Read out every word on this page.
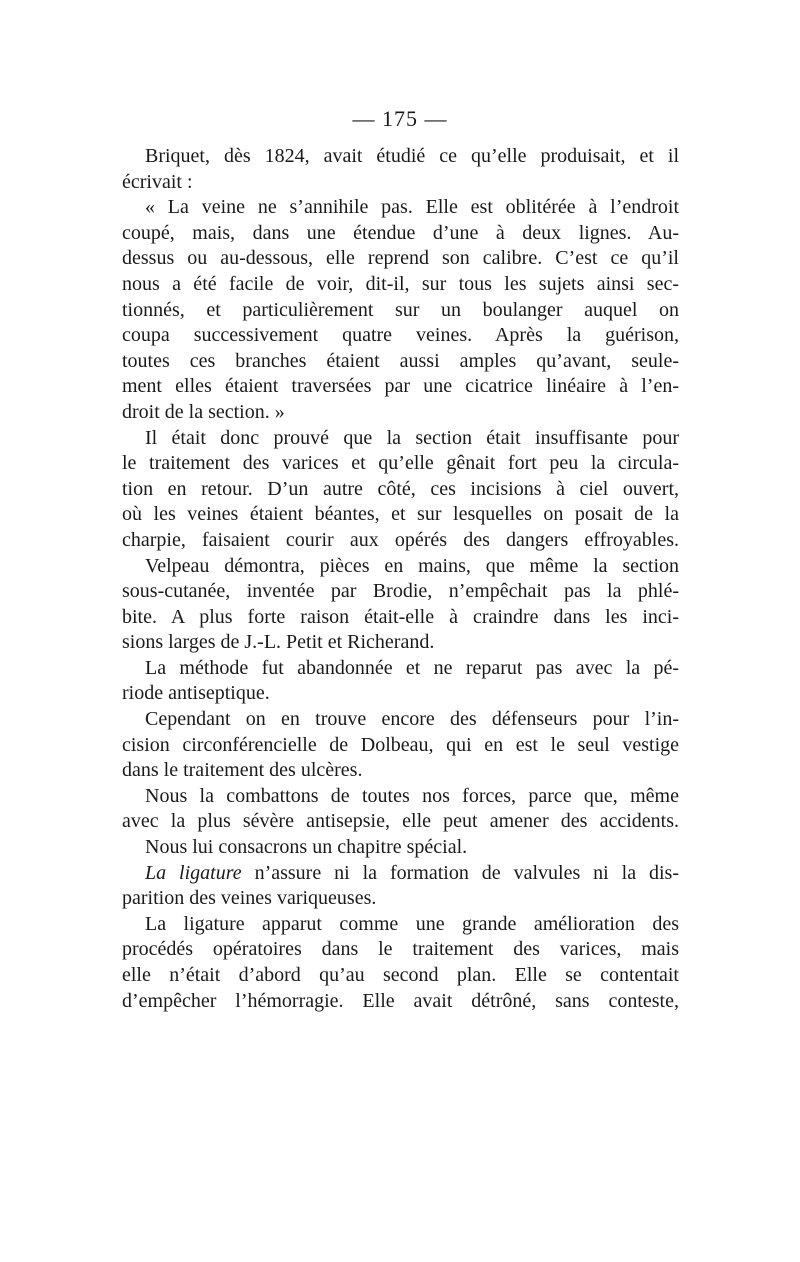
— 175 —
Briquet, dès 1824, avait étudié ce qu’elle produisait, et il
écrivait :
« La veine ne s’annihile pas. Elle est oblitérée à l’endroit
coupé, mais, dans une étendue d’une à deux lignes. Au-
dessus ou au-dessous, elle reprend son calibre. C’est ce qu’il
nous a été facile de voir, dit-il, sur tous les sujets ainsi sec-
tionnés, et particulièrement sur un boulanger auquel on
coupa successivement quatre veines. Après la guérison,
toutes ces branches étaient aussi amples qu’avant, seule-
ment elles étaient traversées par une cicatrice linéaire à l’en-
droit de la section. »
Il était donc prouvé que la section était insuffisante pour
le traitement des varices et qu’elle gênait fort peu la circula-
tion en retour. D’un autre côté, ces incisions à ciel ouvert,
où les veines étaient béantes, et sur lesquelles on posait de la
charpie, faisaient courir aux opérés des dangers effroyables.
Velpeau démontra, pièces en mains, que même la section
sous-cutanée, inventée par Brodie, n’empêchait pas la phlé-
bite. A plus forte raison était-elle à craindre dans les inci-
sions larges de J.-L. Petit et Richerand.
La méthode fut abandonnée et ne reparut pas avec la pé-
riode antiseptique.
Cependant on en trouve encore des défenseurs pour l’in-
cision circonférencielle de Dolbeau, qui en est le seul vestige
dans le traitement des ulcères.
Nous la combattons de toutes nos forces, parce que, même
avec la plus sévère antisepsie, elle peut amener des accidents.
Nous lui consacrons un chapitre spécial.
La ligature n’assure ni la formation de valvules ni la dis-
parition des veines variqueuses.
La ligature apparut comme une grande amélioration des
procédés opératoires dans le traitement des varices, mais
elle n’était d’abord qu’au second plan. Elle se contentait
d’empêcher l’hémorragie. Elle avait détrôné, sans conteste,
